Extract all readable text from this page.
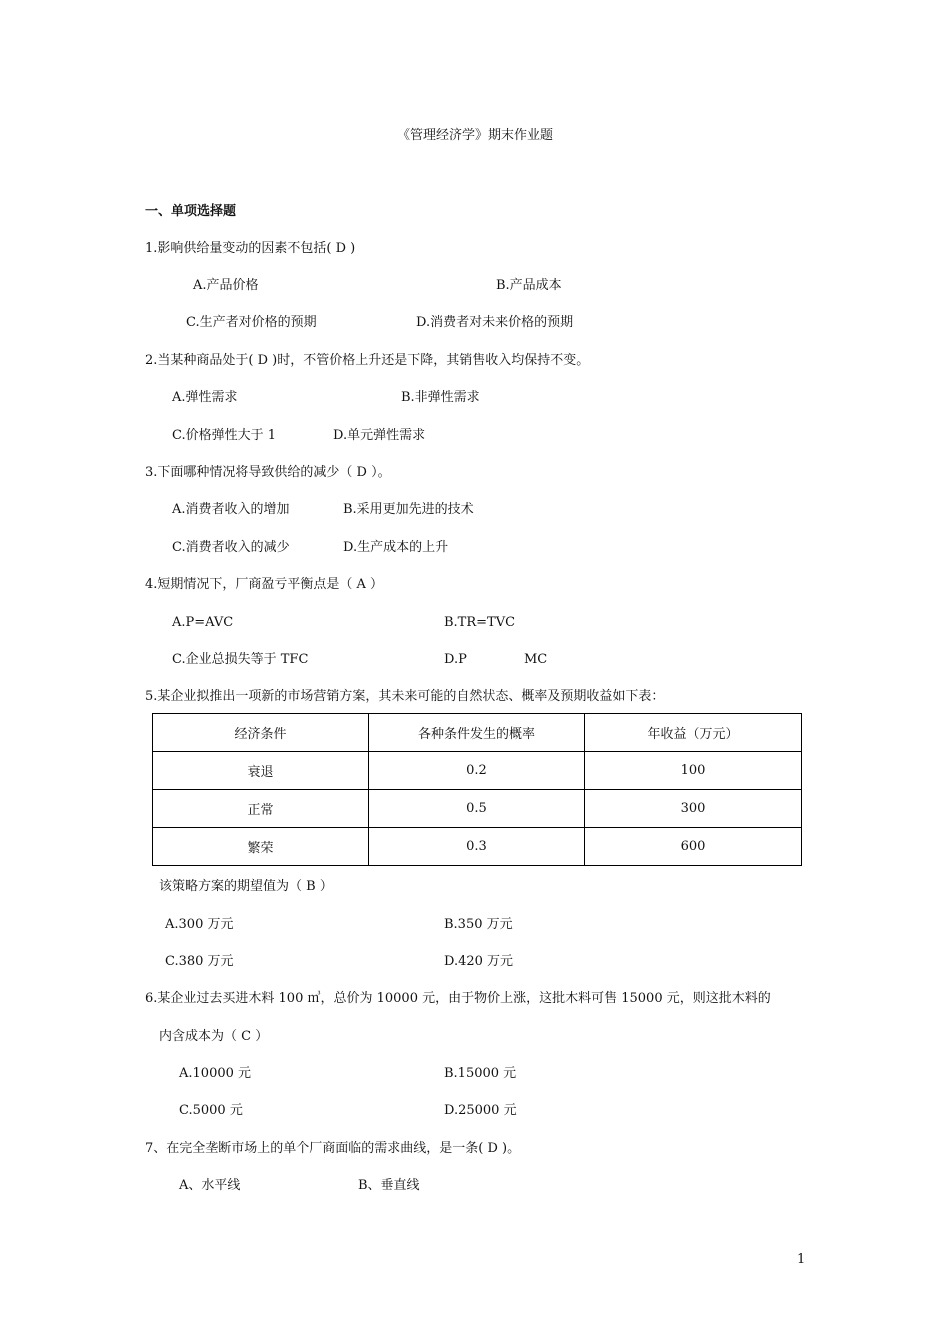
《管理经济学》期末作业题
一、单项选择题
1.影响供给量变动的因素不包括( D )
A.产品价格	B.产品成本
C.生产者对价格的预期	D.消费者对未来价格的预期
2.当某种商品处于( D )时，不管价格上升还是下降，其销售收入均保持不变。
A.弹性需求	B.非弹性需求
C.价格弹性大于 1	D.单元弹性需求
3.下面哪种情况将导致供给的减少（ D ）。
A.消费者收入的增加	B.采用更加先进的技术
C.消费者收入的减少	D.生产成本的上升
4.短期情况下，厂商盈亏平衡点是（ A ）
A.P=AVC	B.TR=TVC
C.企业总损失等于 TFC	D.P	MC
5.某企业拟推出一项新的市场营销方案，其未来可能的自然状态、概率及预期收益如下表：
经济条件	各种条件发生的概率	年收益（万元）
衰退	0.2	100
正常	0.5	300
繁荣	0.3	600
该策略方案的期望值为（ B ）
A.300 万元	B.350 万元
C.380 万元	D.420 万元
6.某企业过去买进木料 100 ㎥，总价为 10000 元，由于物价上涨，这批木料可售 15000 元，则这批木料的
内含成本为（ C ）
A.10000 元	B.15000 元
C.5000 元	D.25000 元
7、在完全垄断市场上的单个厂商面临的需求曲线，是一条( D )。
A、水平线	B、垂直线
1
